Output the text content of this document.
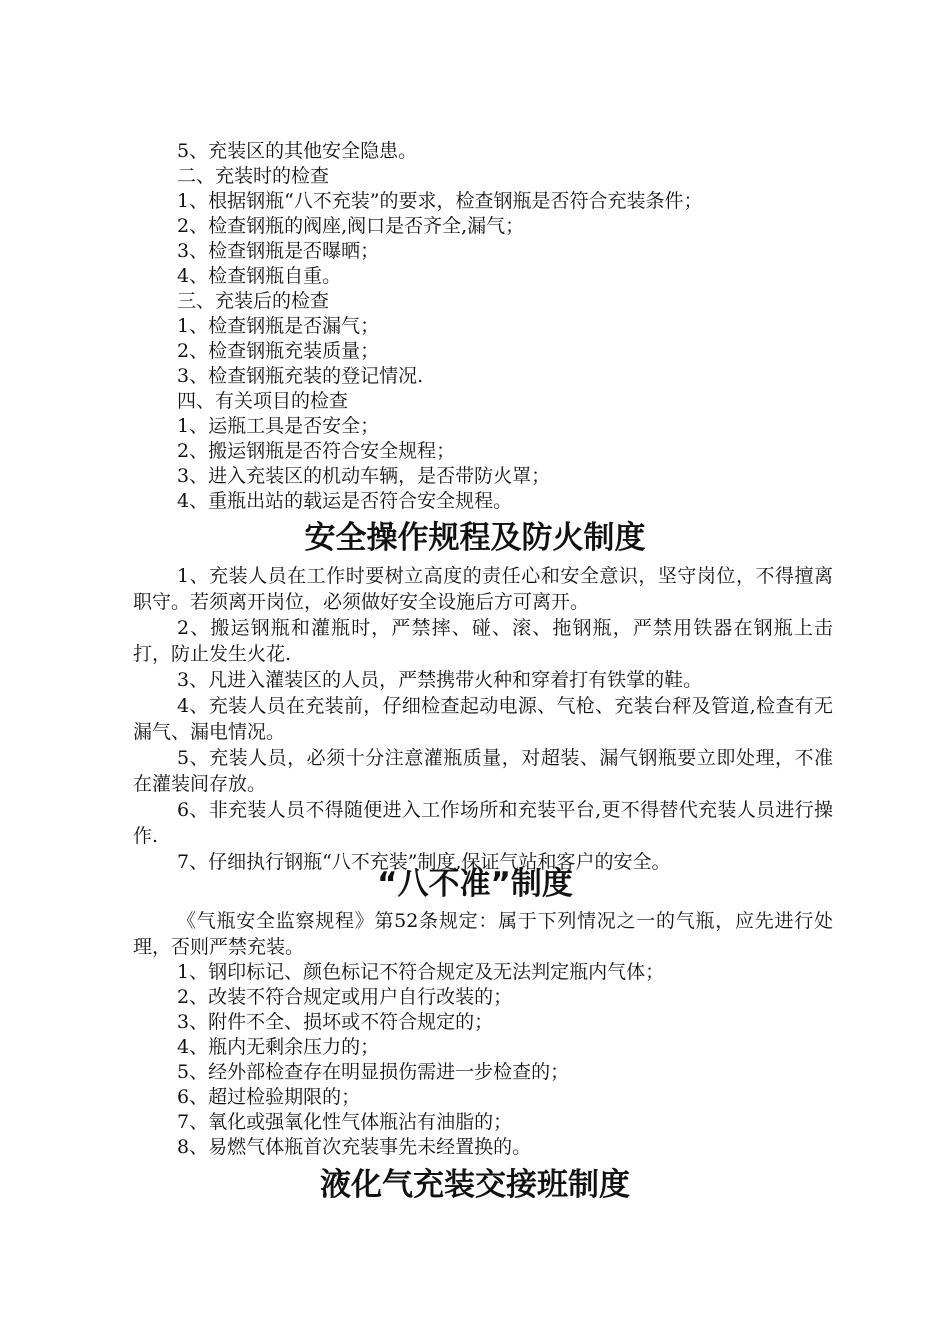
5、充装区的其他安全隐患。
二、充装时的检查
1、根据钢瓶“八不充装”的要求，检查钢瓶是否符合充装条件；
2、检查钢瓶的阀座,阀口是否齐全,漏气；
3、检查钢瓶是否曝晒；
4、检查钢瓶自重。
三、充装后的检查
1、检查钢瓶是否漏气；
2、检查钢瓶充装质量；
3、检查钢瓶充装的登记情况.
四、有关项目的检查
1、运瓶工具是否安全；
2、搬运钢瓶是否符合安全规程；
3、进入充装区的机动车辆，是否带防火罩；
4、重瓶出站的载运是否符合安全规程。
安全操作规程及防火制度

1、充装人员在工作时要树立高度的责任心和安全意识，坚守岗位，不得擅离职守。若须离开岗位，必须做好安全设施后方可离开。

2、搬运钢瓶和灌瓶时，严禁摔、碰、滚、拖钢瓶，严禁用铁器在钢瓶上击打，防止发生火花.

3、凡进入灌装区的人员，严禁携带火种和穿着打有铁掌的鞋。

4、充装人员在充装前，仔细检查起动电源、气枪、充装台秤及管道,检查有无漏气、漏电情况。

5、充装人员，必须十分注意灌瓶质量，对超装、漏气钢瓶要立即处理，不准在灌装间存放。

6、非充装人员不得随便进入工作场所和充装平台,更不得替代充装人员进行操作.

7、仔细执行钢瓶“八不充装”制度,保证气站和客户的安全。

“八不准”制度

《气瓶安全监察规程》第52条规定：属于下列情况之一的气瓶，应先进行处理，否则严禁充装。

1、钢印标记、颜色标记不符合规定及无法判定瓶内气体；
2、改装不符合规定或用户自行改装的；
3、附件不全、损坏或不符合规定的；
4、瓶内无剩余压力的；
5、经外部检查存在明显损伤需进一步检查的；
6、超过检验期限的；
7、氧化或强氧化性气体瓶沾有油脂的；
8、易燃气体瓶首次充装事先未经置换的。
液化气充装交接班制度
